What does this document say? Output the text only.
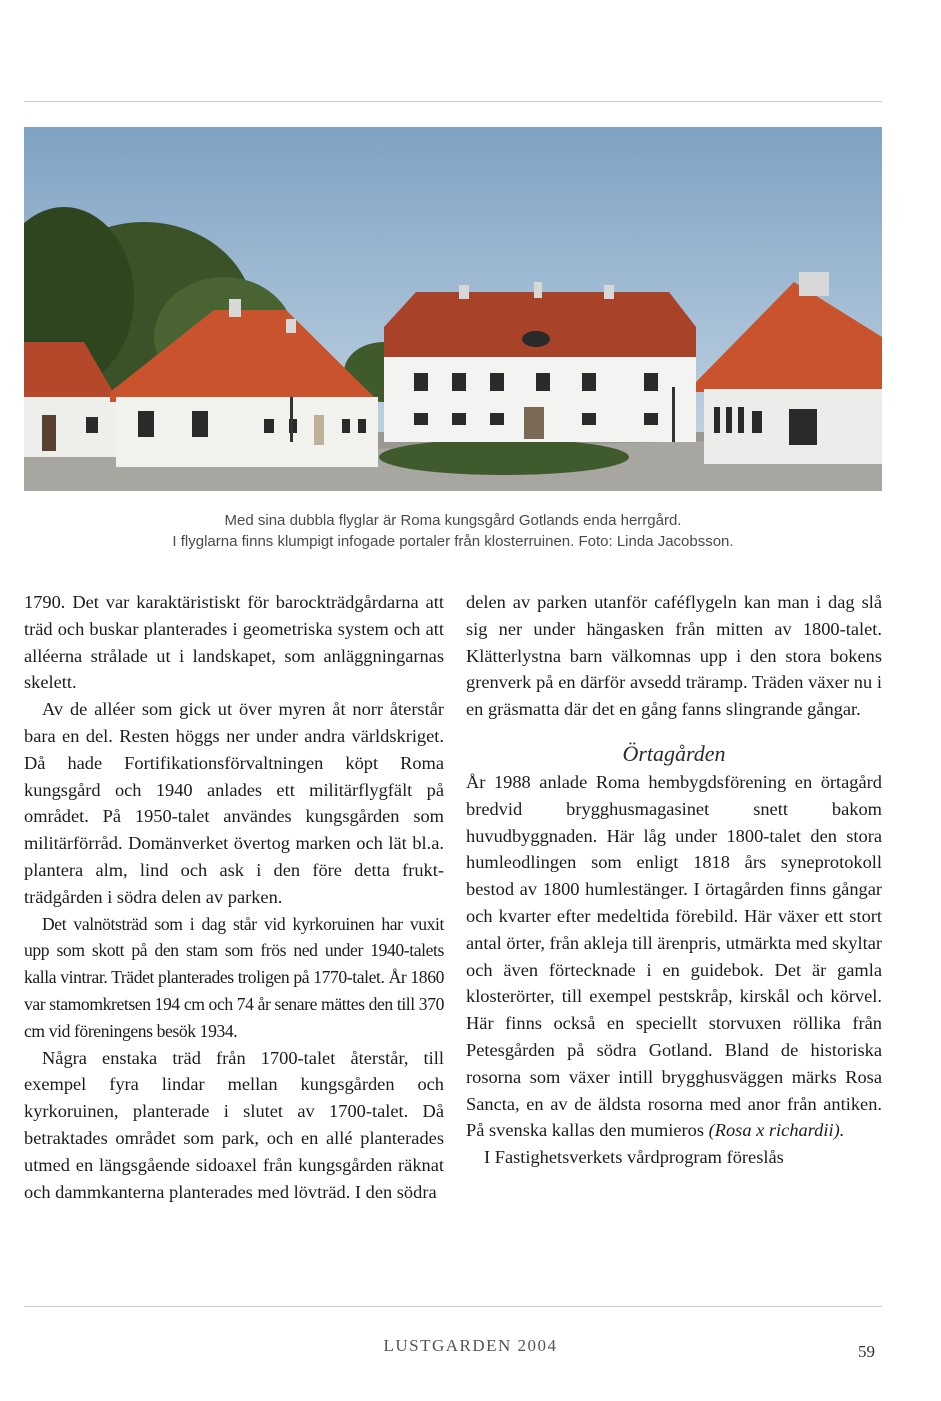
Med sina dubbla flyglar är Roma kungsgård Gotlands enda herrgård.
I flyglarna finns klumpigt infogade portaler från klosterruinen. Foto: Linda Jacobsson.

1790. Det var karaktäristiskt för barockträdgårdarna att träd och buskar planterades i geometriska system och att alléerna strålade ut i landskapet, som anläggningarnas skelett.

Av de alléer som gick ut över myren åt norr återstår bara en del. Resten höggs ner under andra världskriget. Då hade Fortifikationsförvaltningen köpt Roma kungsgård och 1940 anlades ett militärflygfält på området. På 1950-talet användes kungsgården som militärförråd. Domänverket övertog marken och lät bl.a. plantera alm, lind och ask i den före detta fruktträdgården i södra delen av parken.

Det valnötsträd som i dag står vid kyrkoruinen har vuxit upp som skott på den stam som frös ned under 1940-talets kalla vintrar. Trädet planterades troligen på 1770-talet. År 1860 var stamomkretsen 194 cm och 74 år senare mättes den till 370 cm vid föreningens besök 1934.

Några enstaka träd från 1700-talet återstår, till exempel fyra lindar mellan kungsgården och kyrkoruinen, planterade i slutet av 1700-talet. Då betraktades området som park, och en allé planterades utmed en längsgående sidoaxel från kungsgården räknat och dammkanterna planterades med lövträd. I den södra

delen av parken utanför caféflygeln kan man i dag slå sig ner under hängasken från mitten av 1800-talet. Klätterlystna barn välkomnas upp i den stora bokens grenverk på en därför avsedd träramp. Träden växer nu i en gräsmatta där det en gång fanns slingrande gångar.

Örtagården

År 1988 anlade Roma hembygdsförening en örtagård bredvid brygghusmagasinet snett bakom huvudbyggnaden. Här låg under 1800-talet den stora humleodlingen som enligt 1818 års syneprotokoll bestod av 1800 humlestänger. I örtagården finns gångar och kvarter efter medeltida förebild. Här växer ett stort antal örter, från akleja till ärenpris, utmärkta med skyltar och även förtecknade i en guidebok. Det är gamla klosterörter, till exempel pestskråp, kirskål och körvel. Här finns också en speciellt storvuxen röllika från Petesgården på södra Gotland. Bland de historiska rosorna som växer intill brygghusväggen märks Rosa Sancta, en av de äldsta rosorna med anor från antiken. På svenska kallas den mumieros (Rosa x richardii).

I Fastighetsverkets vårdprogram föreslås

LUSTGARDEN 2004	59
